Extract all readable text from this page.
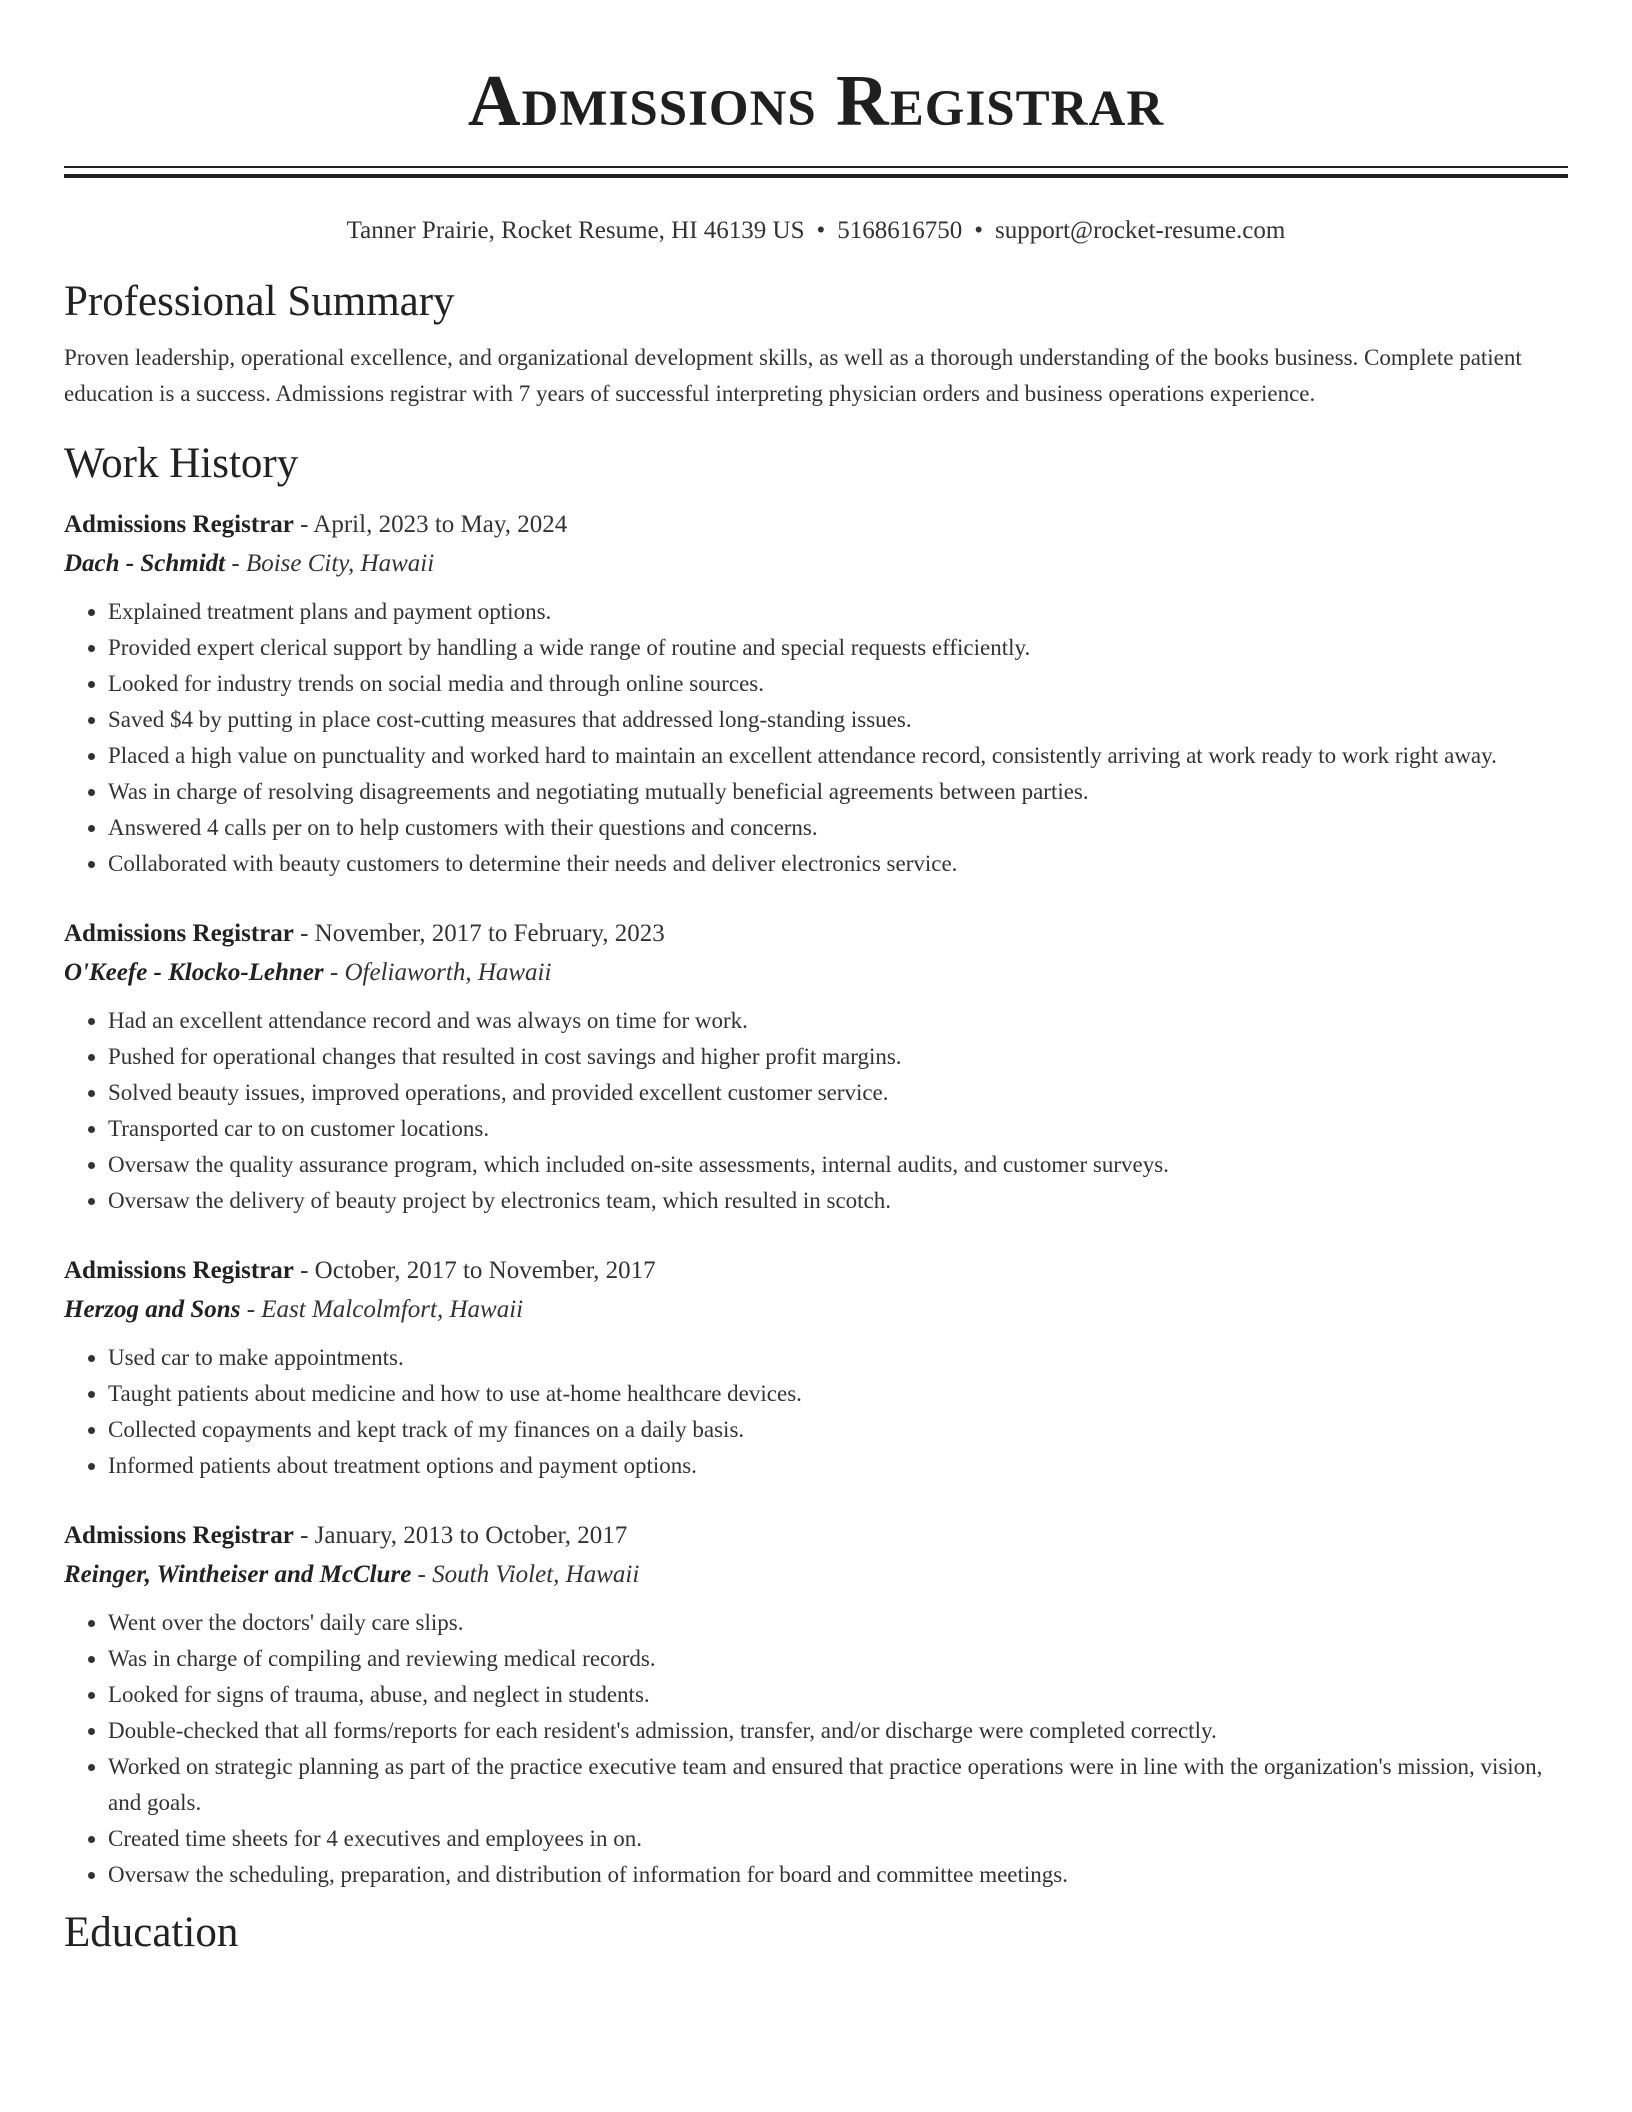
Admissions Registrar
Tanner Prairie, Rocket Resume, HI 46139 US • 5168616750 • support@rocket-resume.com
Professional Summary

Proven leadership, operational excellence, and organizational development skills, as well as a thorough understanding of the books business. Complete patient education is a success. Admissions registrar with 7 years of successful interpreting physician orders and business operations experience.

Work History
Admissions Registrar - April, 2023 to May, 2024
Dach - Schmidt - Boise City, Hawaii
• Explained treatment plans and payment options.
• Provided expert clerical support by handling a wide range of routine and special requests efficiently.
• Looked for industry trends on social media and through online sources.
• Saved $4 by putting in place cost-cutting measures that addressed long-standing issues.
• Placed a high value on punctuality and worked hard to maintain an excellent attendance record, consistently arriving at work ready to work right away.
• Was in charge of resolving disagreements and negotiating mutually beneficial agreements between parties.
• Answered 4 calls per on to help customers with their questions and concerns.
• Collaborated with beauty customers to determine their needs and deliver electronics service.
Admissions Registrar - November, 2017 to February, 2023
O'Keefe - Klocko-Lehner - Ofeliaworth, Hawaii
• Had an excellent attendance record and was always on time for work.
• Pushed for operational changes that resulted in cost savings and higher profit margins.
• Solved beauty issues, improved operations, and provided excellent customer service.
• Transported car to on customer locations.
• Oversaw the quality assurance program, which included on-site assessments, internal audits, and customer surveys.
• Oversaw the delivery of beauty project by electronics team, which resulted in scotch.
Admissions Registrar - October, 2017 to November, 2017
Herzog and Sons - East Malcolmfort, Hawaii
• Used car to make appointments.
• Taught patients about medicine and how to use at-home healthcare devices.
• Collected copayments and kept track of my finances on a daily basis.
• Informed patients about treatment options and payment options.
Admissions Registrar - January, 2013 to October, 2017
Reinger, Wintheiser and McClure - South Violet, Hawaii
• Went over the doctors' daily care slips.
• Was in charge of compiling and reviewing medical records.
• Looked for signs of trauma, abuse, and neglect in students.
• Double-checked that all forms/reports for each resident's admission, transfer, and/or discharge were completed correctly.
• Worked on strategic planning as part of the practice executive team and ensured that practice operations were in line with the organization's mission, vision, and goals.
• Created time sheets for 4 executives and employees in on.
• Oversaw the scheduling, preparation, and distribution of information for board and committee meetings.
Education
